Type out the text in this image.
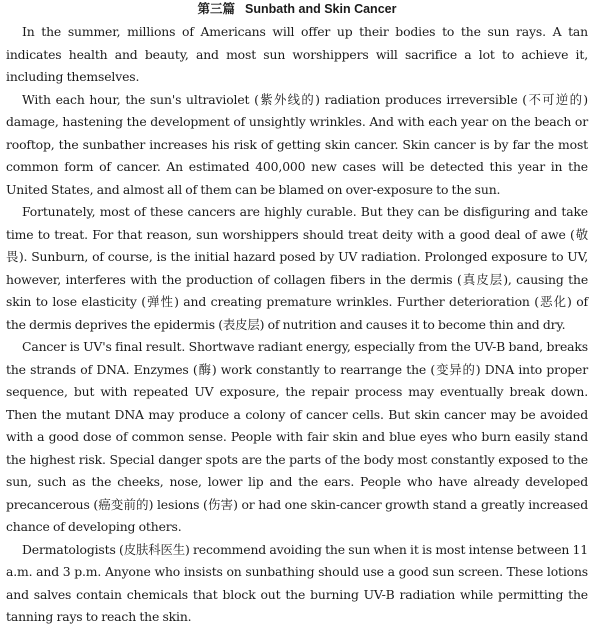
第三篇 Sunbath and Skin Cancer

In the summer, millions of Americans will offer up their bodies to the sun rays. A tan indicates health and beauty, and most sun worshippers will sacrifice a lot to achieve it, including themselves.

With each hour, the sun's ultraviolet (紫外线的) radiation produces irreversible (不可逆的) damage, hastening the development of unsightly wrinkles. And with each year on the beach or rooftop, the sunbather increases his risk of getting skin cancer. Skin cancer is by far the most common form of cancer. An estimated 400,000 new cases will be detected this year in the United States, and almost all of them can be blamed on over-exposure to the sun.

Fortunately, most of these cancers are highly curable. But they can be disfiguring and take time to treat. For that reason, sun worshippers should treat deity with a good deal of awe (敬畏). Sunburn, of course, is the initial hazard posed by UV radiation. Prolonged exposure to UV, however, interferes with the production of collagen fibers in the dermis (真皮层), causing the skin to lose elasticity (弹性) and creating premature wrinkles. Further deterioration (恶化) of the dermis deprives the epidermis (表皮层) of nutrition and causes it to become thin and dry.

Cancer is UV's final result. Shortwave radiant energy, especially from the UV-B band, breaks the strands of DNA. Enzymes (酶) work constantly to rearrange the (变异的) DNA into proper sequence, but with repeated UV exposure, the repair process may eventually break down. Then the mutant DNA may produce a colony of cancer cells. But skin cancer may be avoided with a good dose of common sense. People with fair skin and blue eyes who burn easily stand the highest risk. Special danger spots are the parts of the body most constantly exposed to the sun, such as the cheeks, nose, lower lip and the ears. People who have already developed precancerous (癌变前的) lesions (伤害) or had one skin-cancer growth stand a greatly increased chance of developing others.

Dermatologists (皮肤科医生) recommend avoiding the sun when it is most intense between 11 a.m. and 3 p.m. Anyone who insists on sunbathing should use a good sun screen. These lotions and salves contain chemicals that block out the burning UV-B radiation while permitting the tanning rays to reach the skin.
